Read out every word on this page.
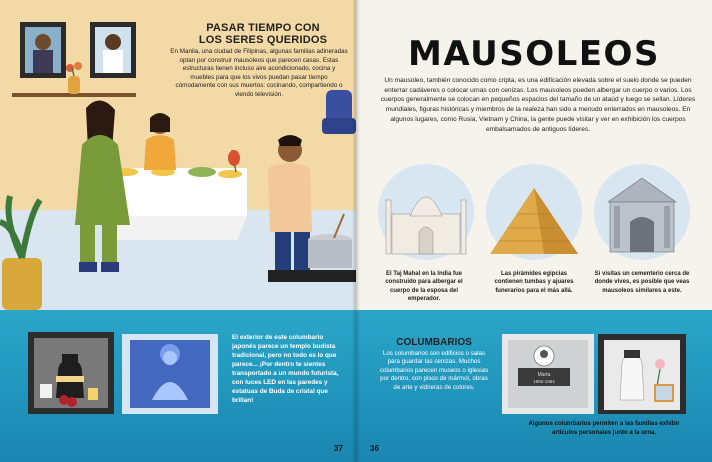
PASAR TIEMPO CON
LOS SERES QUERIDOS
En Manila, una ciudad de Filipinas, algunas familias adineradas optan por construir mausoleos que parecen casas. Estas estructuras tienen incluso aire acondicionado, cocina y muebles para que los vivos puedan pasar tiempo cómodamente con sus muertos: cocinando, compartiendo o viendo televisión.
El exterior de este columbario japonés parece un templo budista tradicional, pero no todo es lo que parece... ¡Por dentro te sientes transportado a un mundo futurista, con luces LED en las paredes y estatuas de Buda de cristal que brillan!
37
MAUSOLEOS
Un mausoleo, también conocido como cripta, es una edificación elevada sobre el suelo donde se pueden enterrar cadáveres o colocar urnas con cenizas. Los mausoleos pueden albergar un cuerpo o varios. Los cuerpos generalmente se colocan en pequeños espacios del tamaño de un ataúd y luego se sellan. Líderes mundiales, figuras históricas y miembros de la realeza han sido a menudo enterrados en mausoleos. En algunos lugares, como Rusia, Vietnam y China, la gente puede visitar y ver en exhibición los cuerpos embalsamados de antiguos líderes.
El Taj Mahal en la India fue construido para albergar el cuerpo de la esposa del emperador.
Las pirámides egipcias contienen tumbas y ajuares funerarios para el más allá.
Si visitas un cementerio cerca de donde vives, es posible que veas mausoleos similares a este.
COLUMBARIOS
Los columbarios son edificios o salas para guardar las cenizas. Muchos columbarios parecen museos o iglesias por dentro, con pisos de mármol, obras de arte y vidrieras de colores.
Marta
1950-1984
Algunos columbarios permiten a las familias exhibir artículos personales junto a la urna.
36
